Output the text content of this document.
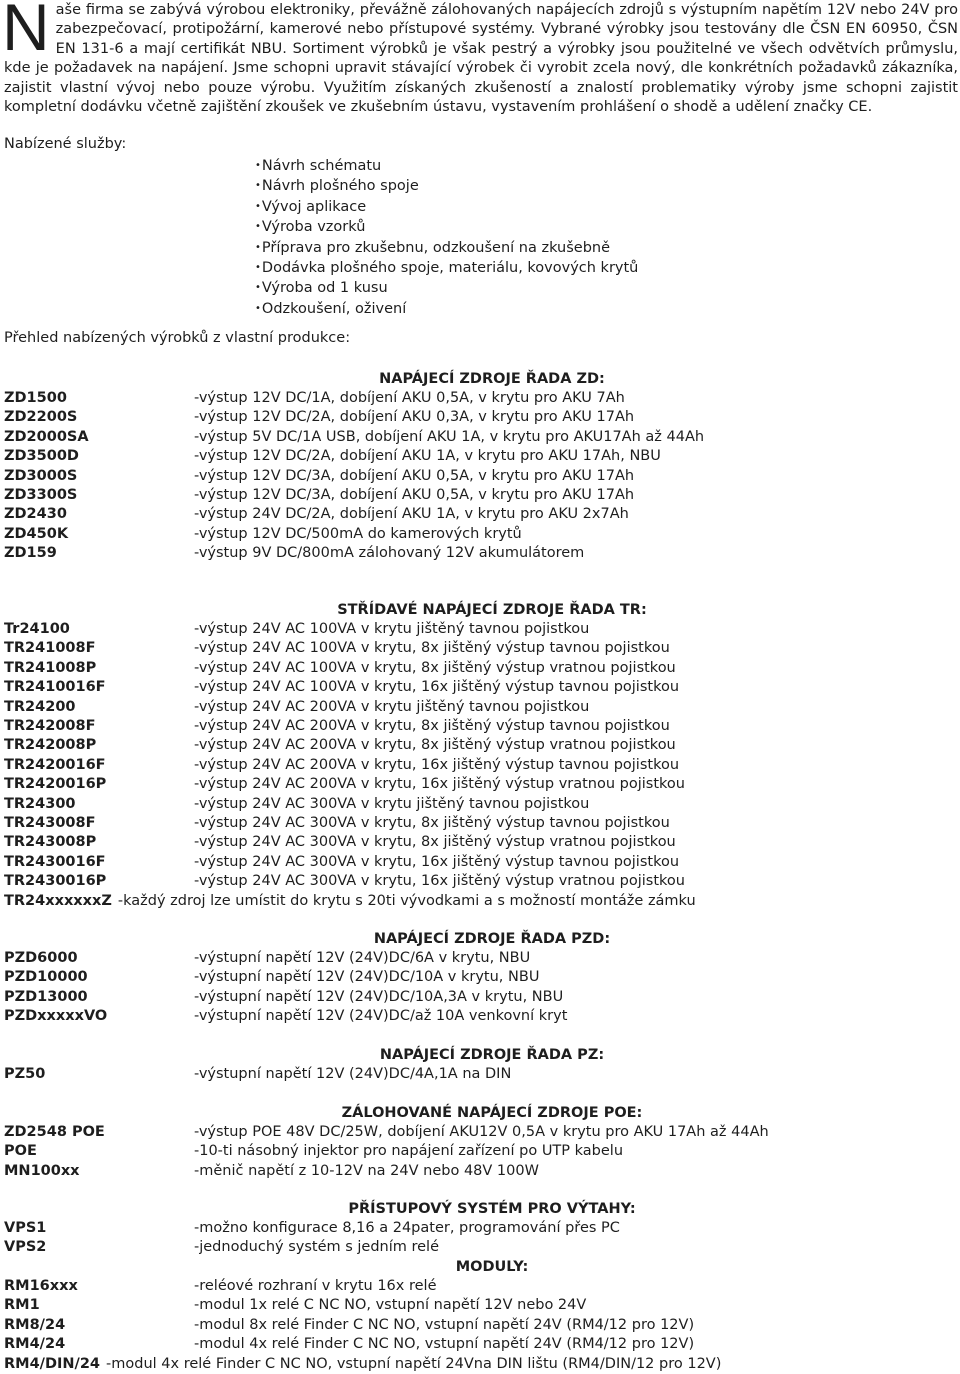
N aše firma se zabývá výrobou elektroniky, převážně zálohovaných napájecích zdrojů s výstupním napětím 12V nebo 24V pro zabezpečovací, protipožární, kamerové nebo přístupové systémy. Vybrané výrobky jsou testovány dle ČSN EN 60950, ČSN EN 131-6 a mají certifikát NBU. Sortiment výrobků je však pestrý a výrobky jsou použitelné ve všech odvětvích průmyslu, kde je požadavek na napájení. Jsme schopni upravit stávající výrobek či vyrobit zcela nový, dle konkrétních požadavků zákazníka, zajistit vlastní vývoj nebo pouze výrobu. Využitím získaných zkušeností a znalostí problematiky výroby jsme schopni zajistit kompletní dodávku včetně zajištění zkoušek ve zkušebním ústavu, vystavením prohlášení o shodě a udělení značky CE.

Nabízené služby:
•Návrh schématu
•Návrh plošného spoje
•Vývoj aplikace
•Výroba vzorků
•Příprava pro zkušebnu, odzkoušení na zkušebně
•Dodávka plošného spoje, materiálu, kovových krytů
•Výroba od 1 kusu
•Odzkoušení, oživení
Přehled nabízených výrobků z vlastní produkce:
NAPÁJECÍ ZDROJE ŘADA ZD:
ZD1500	-výstup 12V DC/1A, dobíjení AKU 0,5A, v krytu pro AKU 7Ah
ZD2200S	-výstup 12V DC/2A, dobíjení AKU 0,3A, v krytu pro AKU 17Ah
ZD2000SA	-výstup 5V DC/1A USB, dobíjení AKU 1A, v krytu pro AKU17Ah až 44Ah
ZD3500D	-výstup 12V DC/2A, dobíjení AKU 1A, v krytu pro AKU 17Ah, NBU
ZD3000S	-výstup 12V DC/3A, dobíjení AKU 0,5A, v krytu pro AKU 17Ah
ZD3300S	-výstup 12V DC/3A, dobíjení AKU 0,5A, v krytu pro AKU 17Ah
ZD2430	-výstup 24V DC/2A, dobíjení AKU 1A, v krytu pro AKU 2x7Ah
ZD450K	-výstup 12V DC/500mA do kamerových krytů
ZD159	-výstup 9V DC/800mA zálohovaný 12V akumulátorem
STŘÍDAVÉ NAPÁJECÍ ZDROJE ŘADA TR:
Tr24100	-výstup 24V AC 100VA v krytu jištěný tavnou pojistkou
TR241008F	-výstup 24V AC 100VA v krytu, 8x jištěný výstup tavnou pojistkou
TR241008P	-výstup 24V AC 100VA v krytu, 8x jištěný výstup vratnou pojistkou
TR2410016F	-výstup 24V AC 100VA v krytu, 16x jištěný výstup tavnou pojistkou
TR24200	-výstup 24V AC 200VA v krytu jištěný tavnou pojistkou
TR242008F	-výstup 24V AC 200VA v krytu, 8x jištěný výstup tavnou pojistkou
TR242008P	-výstup 24V AC 200VA v krytu, 8x jištěný výstup vratnou pojistkou
TR2420016F	-výstup 24V AC 200VA v krytu, 16x jištěný výstup tavnou pojistkou
TR2420016P	-výstup 24V AC 200VA v krytu, 16x jištěný výstup vratnou pojistkou
TR24300	-výstup 24V AC 300VA v krytu jištěný tavnou pojistkou
TR243008F	-výstup 24V AC 300VA v krytu, 8x jištěný výstup tavnou pojistkou
TR243008P	-výstup 24V AC 300VA v krytu, 8x jištěný výstup vratnou pojistkou
TR2430016F	-výstup 24V AC 300VA v krytu, 16x jištěný výstup tavnou pojistkou
TR2430016P	-výstup 24V AC 300VA v krytu, 16x jištěný výstup vratnou pojistkou
TR24xxxxxxZ -každý zdroj lze umístit do krytu s 20ti vývodkami a s možností montáže zámku
NAPÁJECÍ ZDROJE ŘADA PZD:
PZD6000	-výstupní napětí 12V (24V)DC/6A v krytu, NBU
PZD10000	-výstupní napětí 12V (24V)DC/10A v krytu, NBU
PZD13000	-výstupní napětí 12V (24V)DC/10A,3A v krytu, NBU
PZDxxxxxVO	-výstupní napětí 12V (24V)DC/až 10A venkovní kryt
NAPÁJECÍ ZDROJE ŘADA PZ:
PZ50	-výstupní napětí 12V (24V)DC/4A,1A na DIN
ZÁLOHOVANÉ NAPÁJECÍ ZDROJE POE:
ZD2548 POE	-výstup POE 48V DC/25W, dobíjení AKU12V 0,5A v krytu pro AKU 17Ah až 44Ah
POE	-10-ti násobný injektor pro napájení zařízení po UTP kabelu
MN100xx	-měnič napětí z 10-12V na 24V nebo 48V 100W
PŘÍSTUPOVÝ SYSTÉM PRO VÝTAHY:
VPS1	-možno konfigurace 8,16 a 24pater, programování přes PC
VPS2	-jednoduchý systém s jedním relé
MODULY:
RM16xxx	-reléové rozhraní v krytu 16x relé
RM1	-modul 1x relé C NC NO, vstupní napětí 12V nebo 24V
RM8/24	-modul 8x relé Finder C NC NO, vstupní napětí 24V (RM4/12 pro 12V)
RM4/24	-modul 4x relé Finder C NC NO, vstupní napětí 24V (RM4/12 pro 12V)
RM4/DIN/24 -modul 4x relé Finder C NC NO, vstupní napětí 24Vna DIN lištu (RM4/DIN/12 pro 12V)
